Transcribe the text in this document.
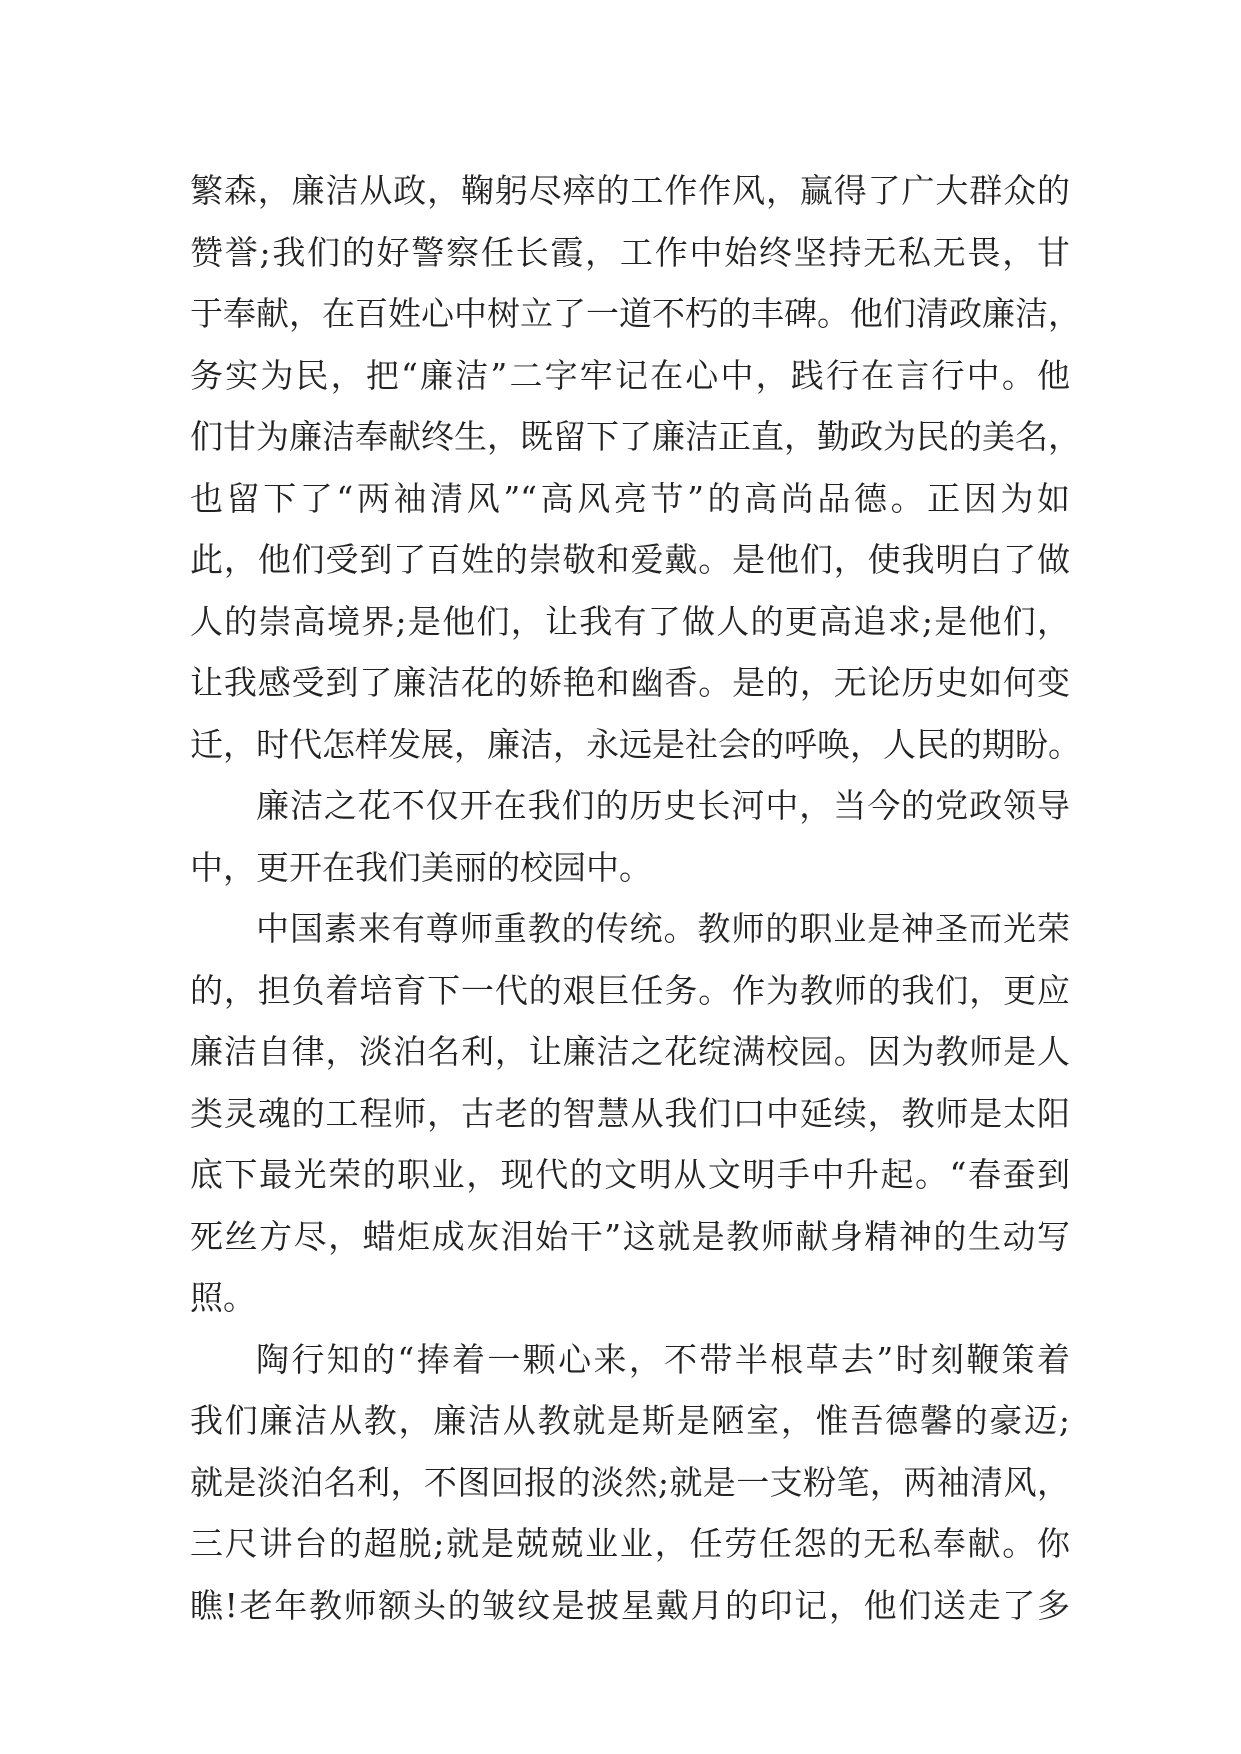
繁森，廉洁从政，鞠躬尽瘁的工作作风，赢得了广大群众的
赞誉;我们的好警察任长霞，工作中始终坚持无私无畏，甘
于奉献，在百姓心中树立了一道不朽的丰碑。他们清政廉洁，
务实为民，把“廉洁”二字牢记在心中，践行在言行中。他
们甘为廉洁奉献终生，既留下了廉洁正直，勤政为民的美名，
也留下了“两袖清风”“高风亮节”的高尚品德。正因为如
此，他们受到了百姓的崇敬和爱戴。是他们，使我明白了做
人的崇高境界;是他们，让我有了做人的更高追求;是他们，
让我感受到了廉洁花的娇艳和幽香。是的，无论历史如何变
迁，时代怎样发展，廉洁，永远是社会的呼唤，人民的期盼。
廉洁之花不仅开在我们的历史长河中，当今的党政领导
中，更开在我们美丽的校园中。
中国素来有尊师重教的传统。教师的职业是神圣而光荣
的，担负着培育下一代的艰巨任务。作为教师的我们，更应
廉洁自律，淡泊名利，让廉洁之花绽满校园。因为教师是人
类灵魂的工程师，古老的智慧从我们口中延续，教师是太阳
底下最光荣的职业，现代的文明从文明手中升起。“春蚕到
死丝方尽，蜡炬成灰泪始干”这就是教师献身精神的生动写
照。
陶行知的“捧着一颗心来，不带半根草去”时刻鞭策着
我们廉洁从教，廉洁从教就是斯是陋室，惟吾德馨的豪迈;
就是淡泊名利，不图回报的淡然;就是一支粉笔，两袖清风，
三尺讲台的超脱;就是兢兢业业，任劳任怨的无私奉献。你
瞧!老年教师额头的皱纹是披星戴月的印记，他们送走了多
